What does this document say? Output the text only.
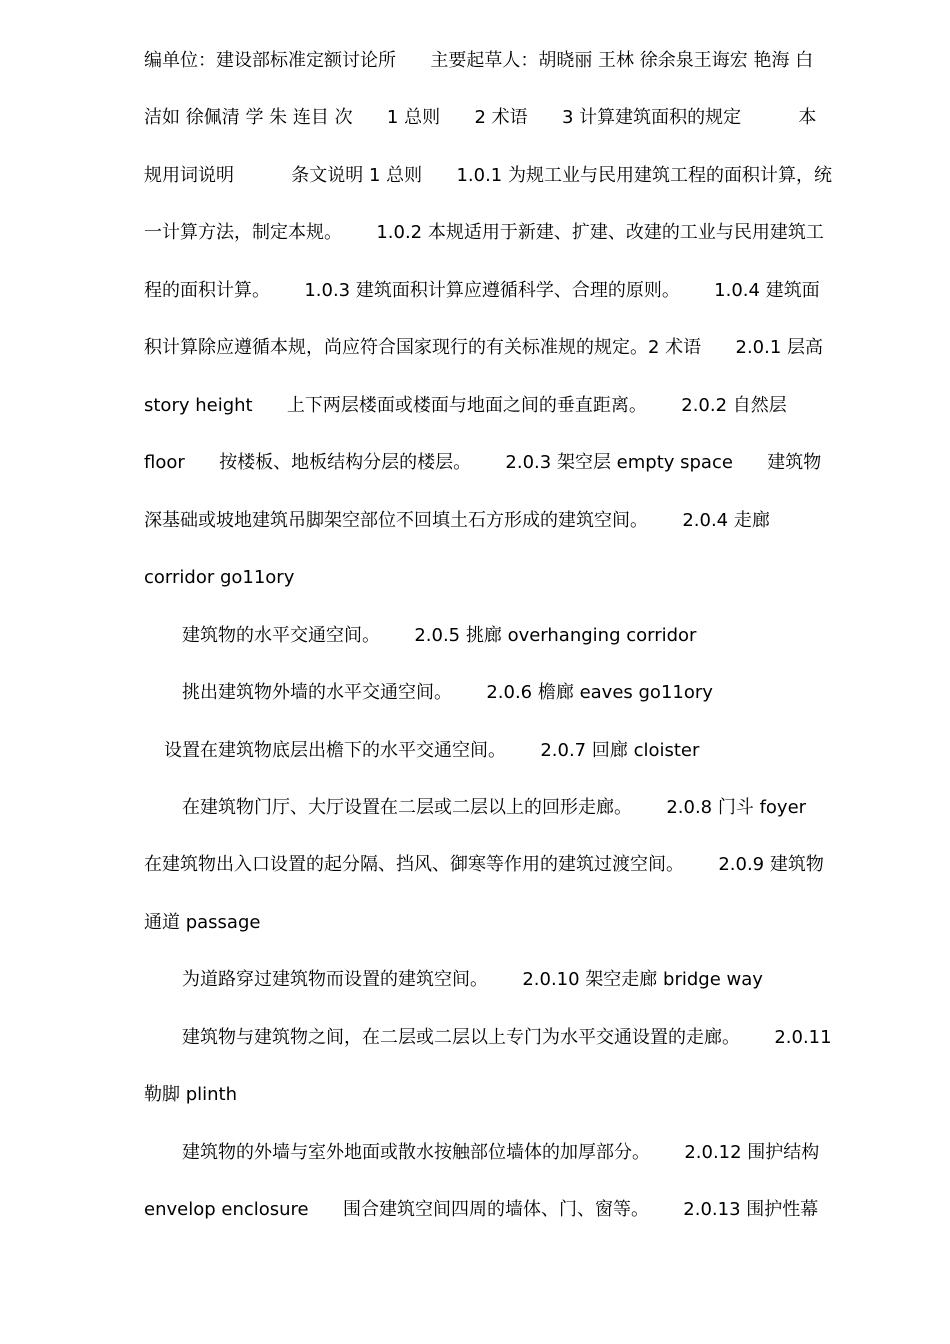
编单位：建设部标准定额讨论所      主要起草人：胡晓丽 王林 徐余泉王诲宏 艳海 白
洁如 徐佩清 学 朱 连目 次      1 总则      2 术语      3 计算建筑面积的规定          本
规用词说明          条文说明 1 总则      1.0.1 为规工业与民用建筑工程的面积计算，统
一计算方法，制定本规。      1.0.2 本规适用于新建、扩建、改建的工业与民用建筑工
程的面积计算。      1.0.3 建筑面积计算应遵循科学、合理的原则。      1.0.4 建筑面
积计算除应遵循本规，尚应符合国家现行的有关标准规的规定。2 术语      2.0.1 层高
story height      上下两层楼面或楼面与地面之间的垂直距离。      2.0.2 自然层
floor      按楼板、地板结构分层的楼层。      2.0.3 架空层 empty space      建筑物
深基础或坡地建筑吊脚架空部位不回填土石方形成的建筑空间。      2.0.4 走廊
corridor go11ory
建筑物的水平交通空间。      2.0.5 挑廊 overhanging corridor
挑出建筑物外墙的水平交通空间。      2.0.6 檐廊 eaves go11ory
设置在建筑物底层出檐下的水平交通空间。      2.0.7 回廊 cloister
在建筑物门厅、大厅设置在二层或二层以上的回形走廊。      2.0.8 门斗 foyer
在建筑物出入口设置的起分隔、挡风、御寒等作用的建筑过渡空间。      2.0.9 建筑物
通道 passage
为道路穿过建筑物而设置的建筑空间。      2.0.10 架空走廊 bridge way
建筑物与建筑物之间，在二层或二层以上专门为水平交通设置的走廊。      2.0.11
勒脚 plinth
建筑物的外墙与室外地面或散水按触部位墙体的加厚部分。      2.0.12 围护结构
envelop enclosure      围合建筑空间四周的墙体、门、窗等。      2.0.13 围护性幕
